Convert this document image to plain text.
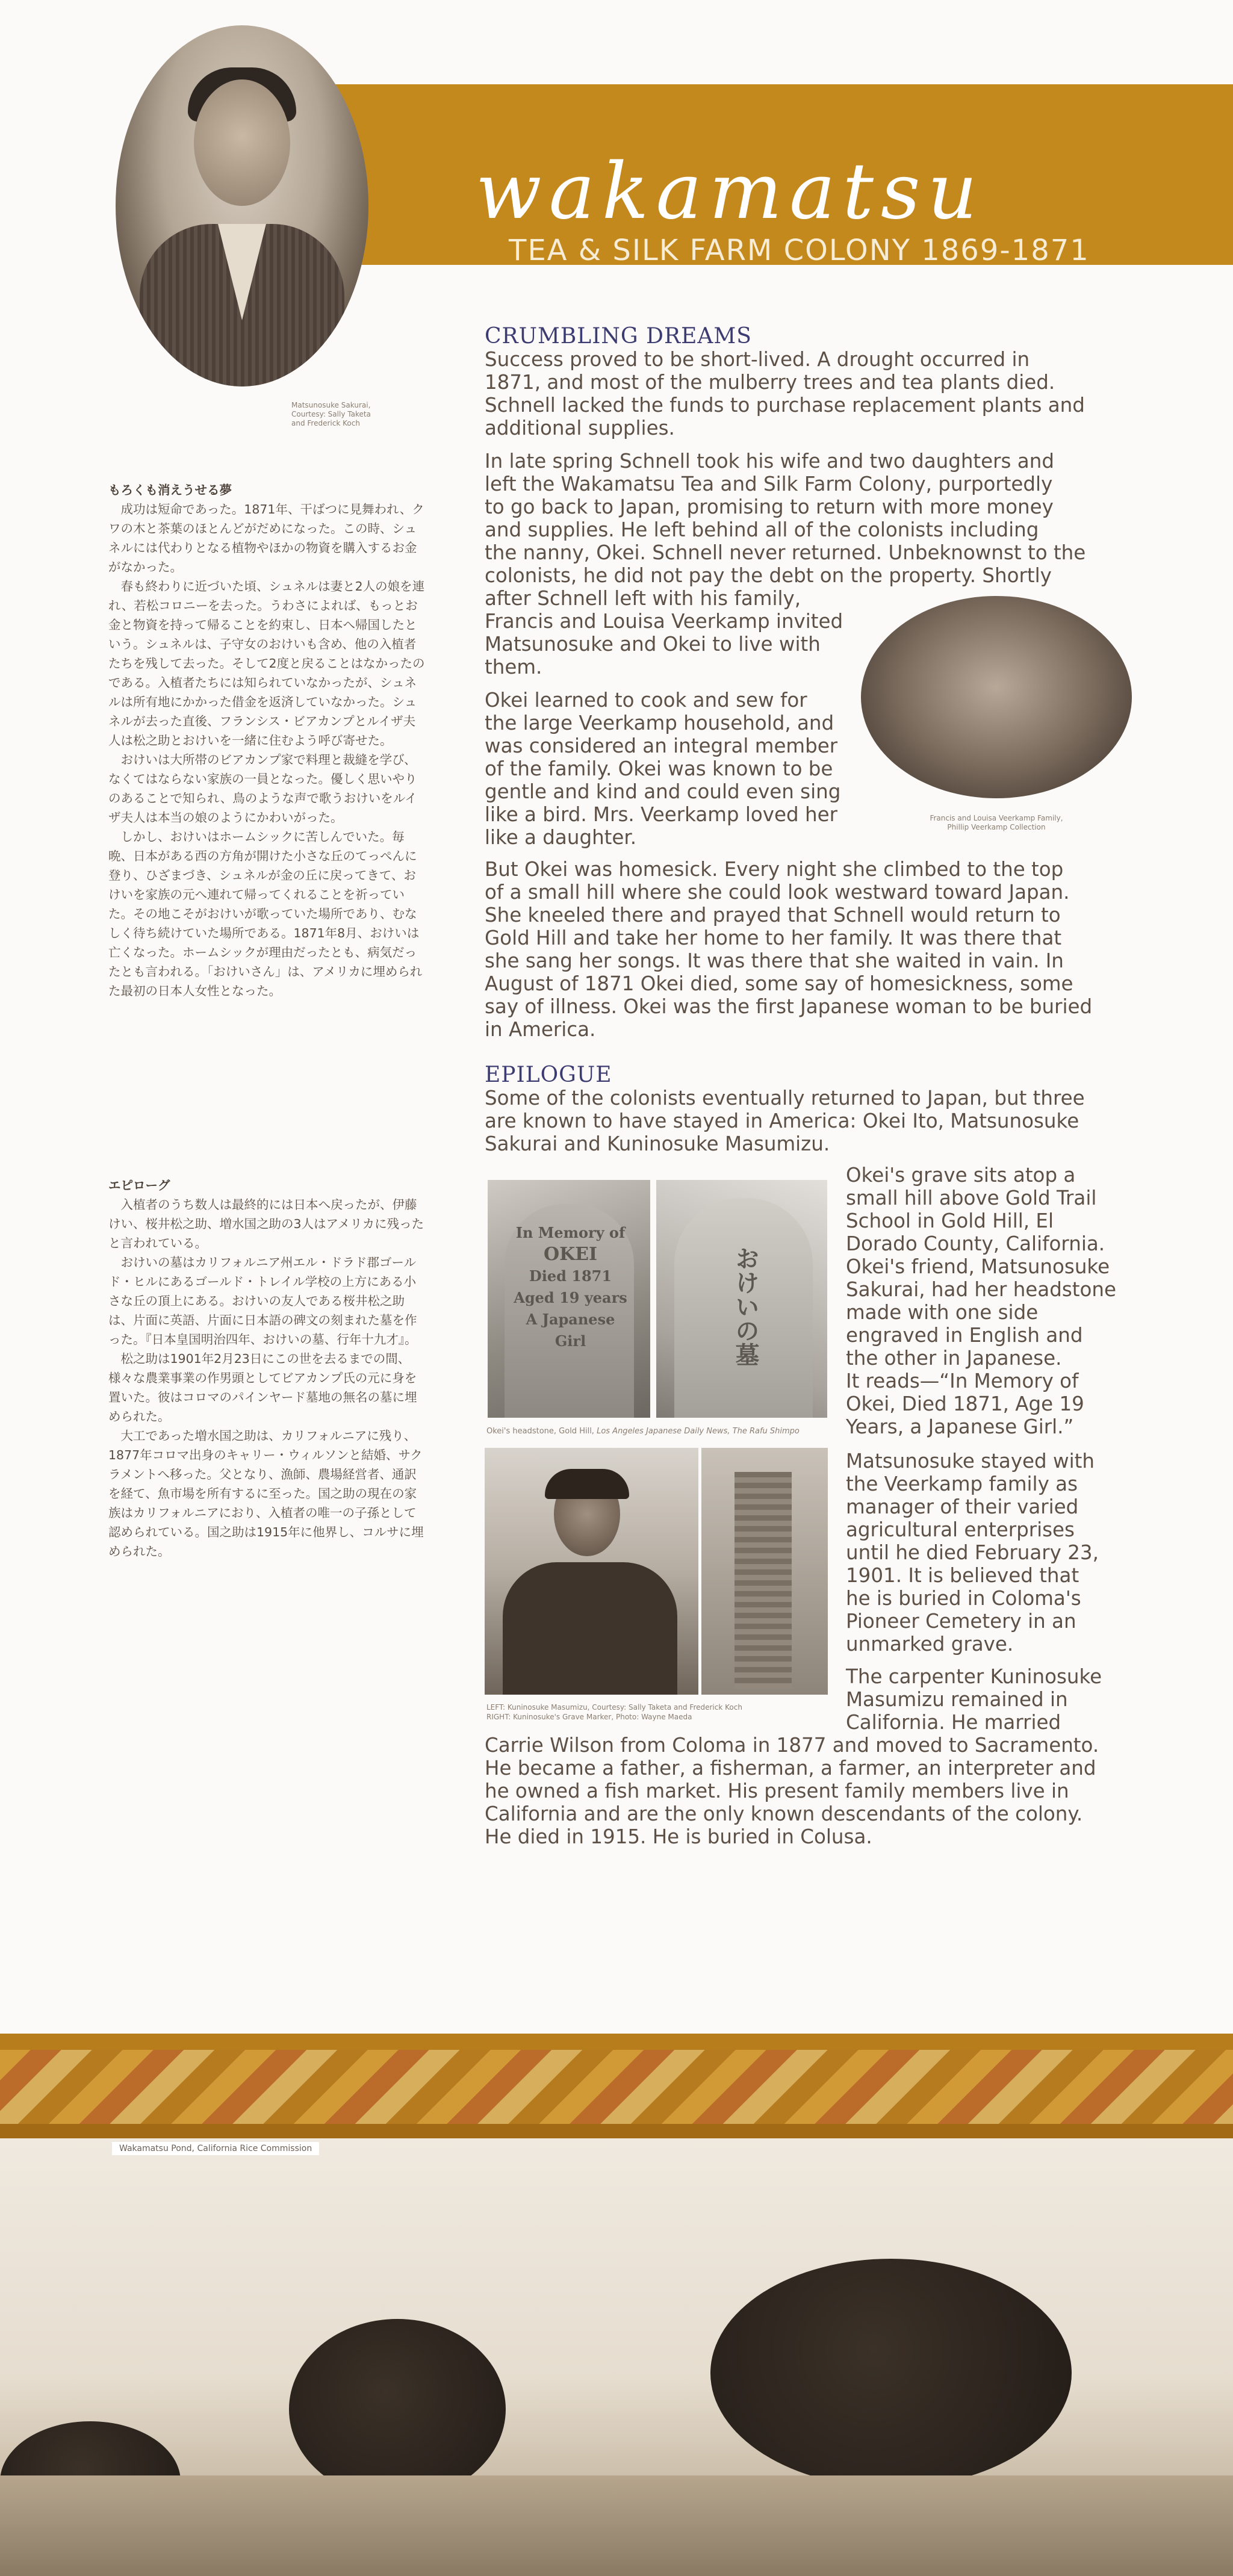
wakamatsu
TEA & SILK FARM COLONY 1869-1871
Matsunosuke Sakurai,
Courtesy: Sally Taketa
and Frederick Koch
もろくも消えうせる夢

成功は短命であった。1871年、干ばつに見舞われ、クワの木と茶葉のほとんどがだめになった。この時、シュネルには代わりとなる植物やほかの物資を購入するお金がなかった。

春も終わりに近づいた頃、シュネルは妻と2人の娘を連れ、若松コロニーを去った。うわさによれば、もっとお金と物資を持って帰ることを約束し、日本へ帰国したという。シュネルは、子守女のおけいも含め、他の入植者たちを残して去った。そして2度と戻ることはなかったのである。入植者たちには知られていなかったが、シュネルは所有地にかかった借金を返済していなかった。シュネルが去った直後、フランシス・ビアカンプとルイザ夫人は松之助とおけいを一緒に住むよう呼び寄せた。

おけいは大所帯のビアカンプ家で料理と裁縫を学び、なくてはならない家族の一員となった。優しく思いやりのあることで知られ、鳥のような声で歌うおけいをルイザ夫人は本当の娘のようにかわいがった。

しかし、おけいはホームシックに苦しんでいた。毎晩、日本がある西の方角が開けた小さな丘のてっぺんに登り、ひざまづき、シュネルが金の丘に戻ってきて、おけいを家族の元へ連れて帰ってくれることを祈っていた。その地こそがおけいが歌っていた場所であり、むなしく待ち続けていた場所である。1871年8月、おけいは亡くなった。ホームシックが理由だったとも、病気だったとも言われる。「おけいさん」は、アメリカに埋められた最初の日本人女性となった。

エピローグ

入植者のうち数人は最終的には日本へ戻ったが、伊藤けい、桜井松之助、増水国之助の3人はアメリカに残ったと言われている。

おけいの墓はカリフォルニア州エル・ドラド郡ゴールド・ヒルにあるゴールド・トレイル学校の上方にある小さな丘の頂上にある。おけいの友人である桜井松之助は、片面に英語、片面に日本語の碑文の刻まれた墓を作った。『日本皇国明治四年、おけいの墓、行年十九才』。

松之助は1901年2月23日にこの世を去るまでの間、様々な農業事業の作男頭としてビアカンプ氏の元に身を置いた。彼はコロマのパインヤード墓地の無名の墓に埋められた。

大工であった増水国之助は、カリフォルニアに残り、1877年コロマ出身のキャリー・ウィルソンと結婚、サクラメントへ移った。父となり、漁師、農場経営者、通訳を経て、魚市場を所有するに至った。国之助の現在の家族はカリフォルニアにおり、入植者の唯一の子孫として認められている。国之助は1915年に他界し、コルサに埋められた。

CRUMBLING DREAMS

Success proved to be short-lived. A drought occurred in

1871, and most of the mulberry trees and tea plants died.

Schnell lacked the funds to purchase replacement plants and

additional supplies.

In late spring Schnell took his wife and two daughters and

left the Wakamatsu Tea and Silk Farm Colony, purportedly

to go back to Japan, promising to return with more money

and supplies. He left behind all of the colonists including

the nanny, Okei. Schnell never returned. Unbeknownst to the

colonists, he did not pay the debt on the property. Shortly

after Schnell left with his family,

Francis and Louisa Veerkamp invited

Matsunosuke and Okei to live with

them.

Francis and Louisa Veerkamp Family,
Phillip Veerkamp Collection

Okei learned to cook and sew for

the large Veerkamp household, and

was considered an integral member

of the family. Okei was known to be

gentle and kind and could even sing

like a bird. Mrs. Veerkamp loved her

like a daughter.

But Okei was homesick. Every night she climbed to the top

of a small hill where she could look westward toward Japan.

She kneeled there and prayed that Schnell would return to

Gold Hill and take her home to her family. It was there that

she sang her songs. It was there that she waited in vain. In

August of 1871 Okei died, some say of homesickness, some

say of illness. Okei was the first Japanese woman to be buried

in America.

EPILOGUE

Some of the colonists eventually returned to Japan, but three

are known to have stayed in America: Okei Ito, Matsunosuke

Sakurai and Kuninosuke Masumizu.

In Memory of
OKEI
Died 1871
Aged 19 years
A Japanese Girl	おけいの墓
Okei's headstone, Gold Hill, Los Angeles Japanese Daily News, The Rafu Shimpo

Okei's grave sits atop a

small hill above Gold Trail

School in Gold Hill, El

Dorado County, California.

Okei's friend, Matsunosuke

Sakurai, had her headstone

made with one side

engraved in English and

the other in Japanese.

It reads—“In Memory of

Okei, Died 1871, Age 19

Years, a Japanese Girl.”

LEFT: Kuninosuke Masumizu, Courtesy: Sally Taketa and Frederick Koch
RIGHT: Kuninosuke's Grave Marker, Photo: Wayne Maeda

Matsunosuke stayed with

the Veerkamp family as

manager of their varied

agricultural enterprises

until he died February 23,

1901. It is believed that

he is buried in Coloma's

Pioneer Cemetery in an

unmarked grave.

The carpenter Kuninosuke

Masumizu remained in

California. He married

Carrie Wilson from Coloma in 1877 and moved to Sacramento.

He became a father, a fisherman, a farmer, an interpreter and

he owned a fish market. His present family members live in

California and are the only known descendants of the colony.

He died in 1915. He is buried in Colusa.

Wakamatsu Pond, California Rice Commission
